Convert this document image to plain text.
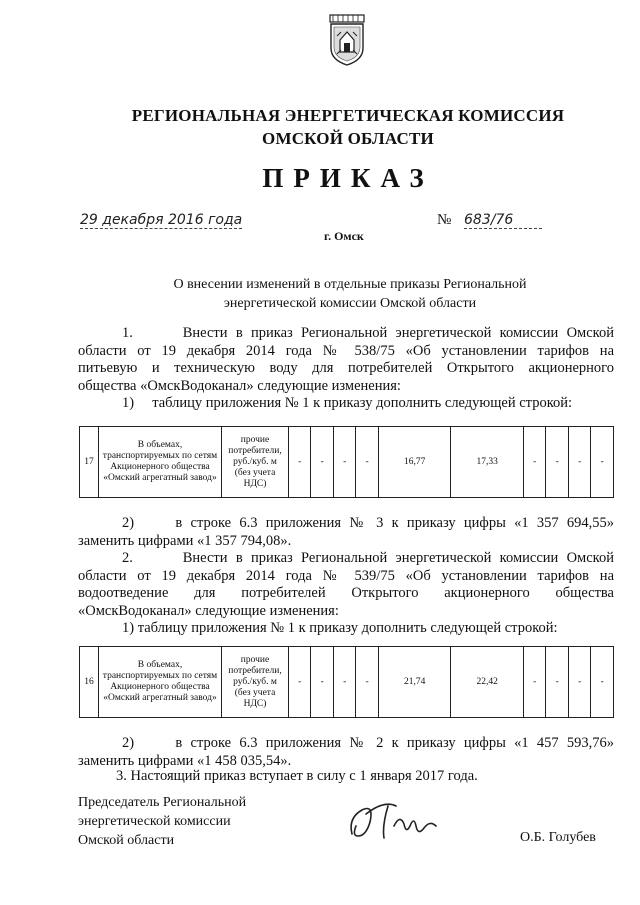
РЕГИОНАЛЬНАЯ ЭНЕРГЕТИЧЕСКАЯ КОМИССИЯ
ОМСКОЙ ОБЛАСТИ
ПРИКАЗ
29 декабря 2016 года	№ 683/76
г. Омск
О внесении изменений в отдельные приказы Региональной
энергетической комиссии Омской области

1.      Внести в приказ Региональной энергетической комиссии Омской

области от 19 декабря 2014 года № 538/75 «Об установлении тарифов на

питьевую и техническую воду для потребителей Открытого акционерного

общества «ОмскВодоканал» следующие изменения:

1)     таблицу приложения № 1 к приказу дополнить следующей строкой:

17	В объемах, транспортируемых по сетям Акционерного общества «Омский агрегатный завод»	прочие потребители, руб./куб. м (без учета НДС)	-	-	-	-	16,77	17,33	-	-	-	-

2)     в строке 6.3 приложения № 3 к приказу цифры «1 357 694,55»

заменить цифрами «1 357 794,08».

2.      Внести в приказ Региональной энергетической комиссии Омской

области от 19 декабря 2014 года № 539/75 «Об установлении тарифов на

водоотведение для потребителей Открытого акционерного общества

«ОмскВодоканал» следующие изменения:

1) таблицу приложения № 1 к приказу дополнить следующей строкой:

16	В объемах, транспортируемых по сетям Акционерного общества «Омский агрегатный завод»	прочие потребители, руб./куб. м (без учета НДС)	-	-	-	-	21,74	22,42	-	-	-	-

2)     в строке 6.3 приложения № 2 к приказу цифры «1 457 593,76»

заменить цифрами «1 458 035,54».

3. Настоящий приказ вступает в силу с 1 января 2017 года.
Председатель Региональной
энергетической комиссии
Омской области	О.Б. Голубев
